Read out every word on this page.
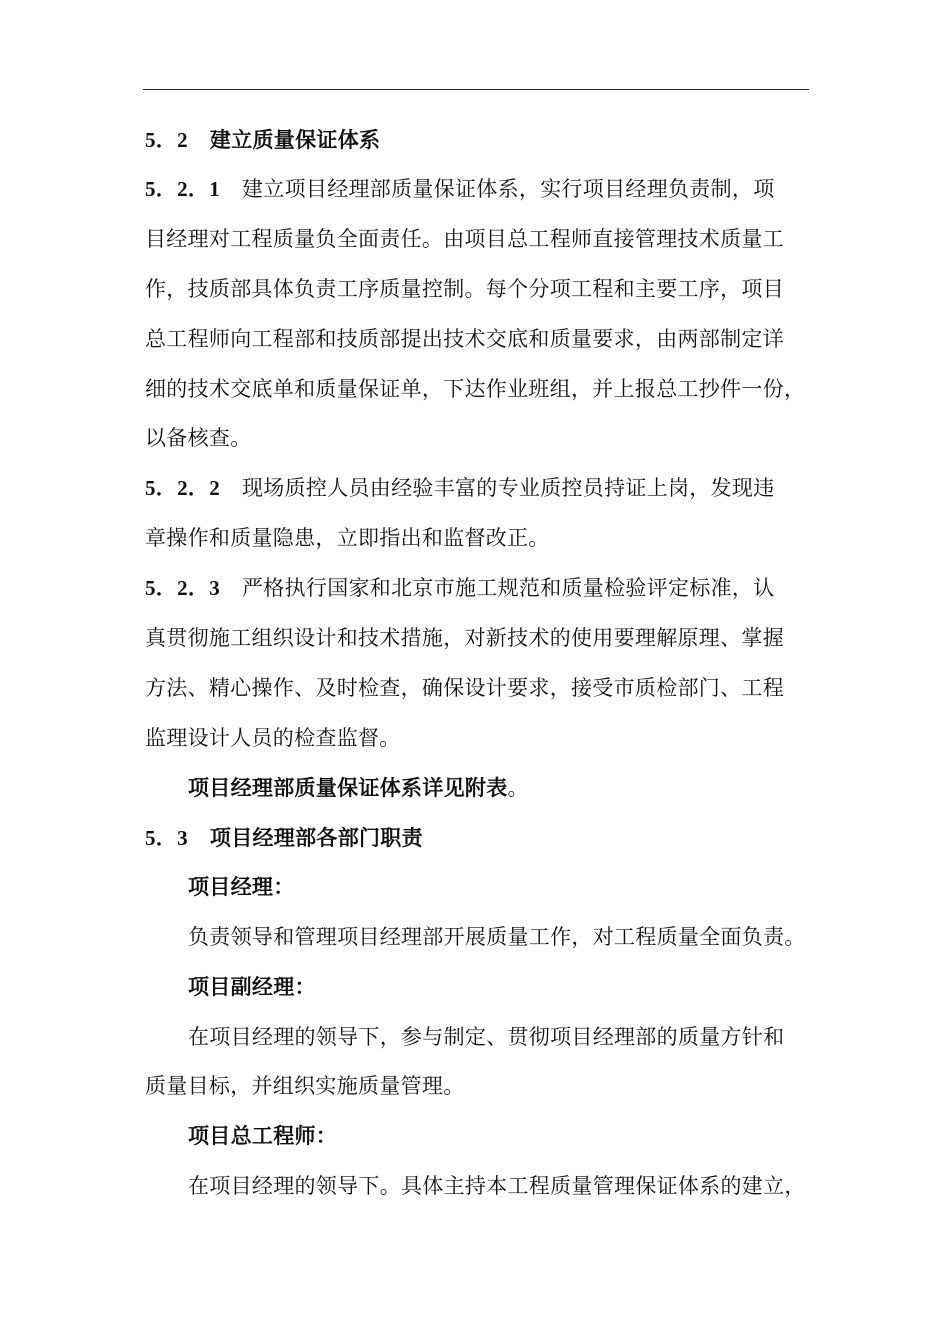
5．2 建立质量保证体系
5．2．1 建立项目经理部质量保证体系，实行项目经理负责制，项
目经理对工程质量负全面责任。由项目总工程师直接管理技术质量工
作，技质部具体负责工序质量控制。每个分项工程和主要工序，项目
总工程师向工程部和技质部提出技术交底和质量要求，由两部制定详
细的技术交底单和质量保证单，下达作业班组，并上报总工抄件一份，
以备核查。
5．2．2 现场质控人员由经验丰富的专业质控员持证上岗，发现违
章操作和质量隐患，立即指出和监督改正。
5．2．3 严格执行国家和北京市施工规范和质量检验评定标准，认
真贯彻施工组织设计和技术措施，对新技术的使用要理解原理、掌握
方法、精心操作、及时检查，确保设计要求，接受市质检部门、工程
监理设计人员的检查监督。
项目经理部质量保证体系详见附表。
5．3 项目经理部各部门职责
项目经理：
负责领导和管理项目经理部开展质量工作，对工程质量全面负责。
项目副经理：
在项目经理的领导下，参与制定、贯彻项目经理部的质量方针和
质量目标，并组织实施质量管理。
项目总工程师：
在项目经理的领导下。具体主持本工程质量管理保证体系的建立，
